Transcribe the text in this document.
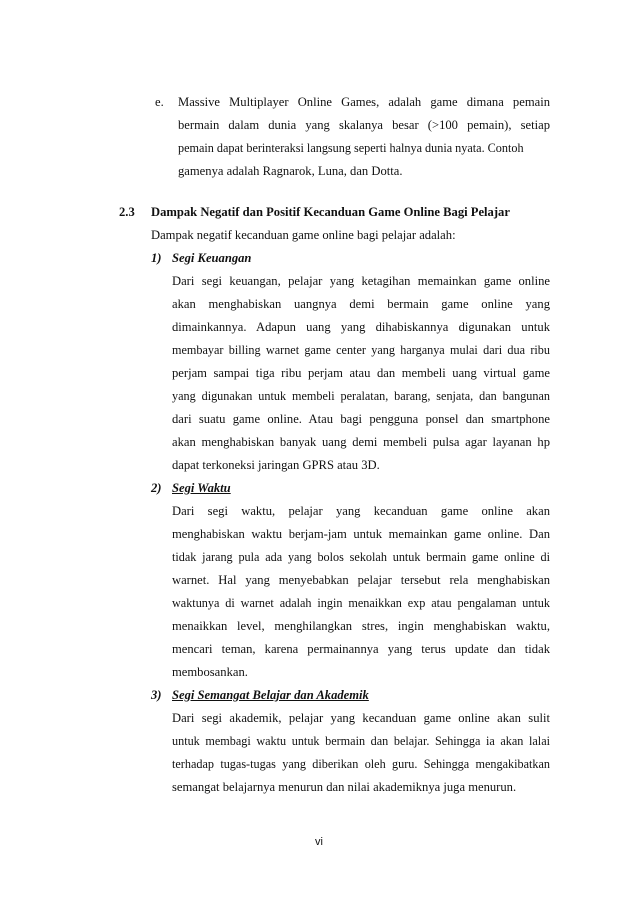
e. Massive Multiplayer Online Games, adalah game dimana pemain
bermain dalam dunia yang skalanya besar (>100 pemain), setiap
pemain dapat berinteraksi langsung seperti halnya dunia nyata. Contoh
gamenya adalah Ragnarok, Luna, dan Dotta.
2.3 Dampak Negatif dan Positif Kecanduan Game Online Bagi Pelajar
Dampak negatif kecanduan game online bagi pelajar adalah:
1) Segi Keuangan
Dari segi keuangan, pelajar yang ketagihan memainkan game online
akan menghabiskan uangnya demi bermain game online yang
dimainkannya. Adapun uang yang dihabiskannya digunakan untuk
membayar billing warnet game center yang harganya mulai dari dua ribu
perjam sampai tiga ribu perjam atau dan membeli uang virtual game
yang digunakan untuk membeli peralatan, barang, senjata, dan bangunan
dari suatu game online. Atau bagi pengguna ponsel dan smartphone
akan menghabiskan banyak uang demi membeli pulsa agar layanan hp
dapat terkoneksi jaringan GPRS atau 3D.
2) Segi Waktu
Dari segi waktu, pelajar yang kecanduan game online akan
menghabiskan waktu berjam-jam untuk memainkan game online. Dan
tidak jarang pula ada yang bolos sekolah untuk bermain game online di
warnet. Hal yang menyebabkan pelajar tersebut rela menghabiskan
waktunya di warnet adalah ingin menaikkan exp atau pengalaman untuk
menaikkan level, menghilangkan stres, ingin menghabiskan waktu,
mencari teman, karena permainannya yang terus update dan tidak
membosankan.
3) Segi Semangat Belajar dan Akademik
Dari segi akademik, pelajar yang kecanduan game online akan sulit
untuk membagi waktu untuk bermain dan belajar. Sehingga ia akan lalai
terhadap tugas-tugas yang diberikan oleh guru. Sehingga mengakibatkan
semangat belajarnya menurun dan nilai akademiknya juga menurun.
vi
